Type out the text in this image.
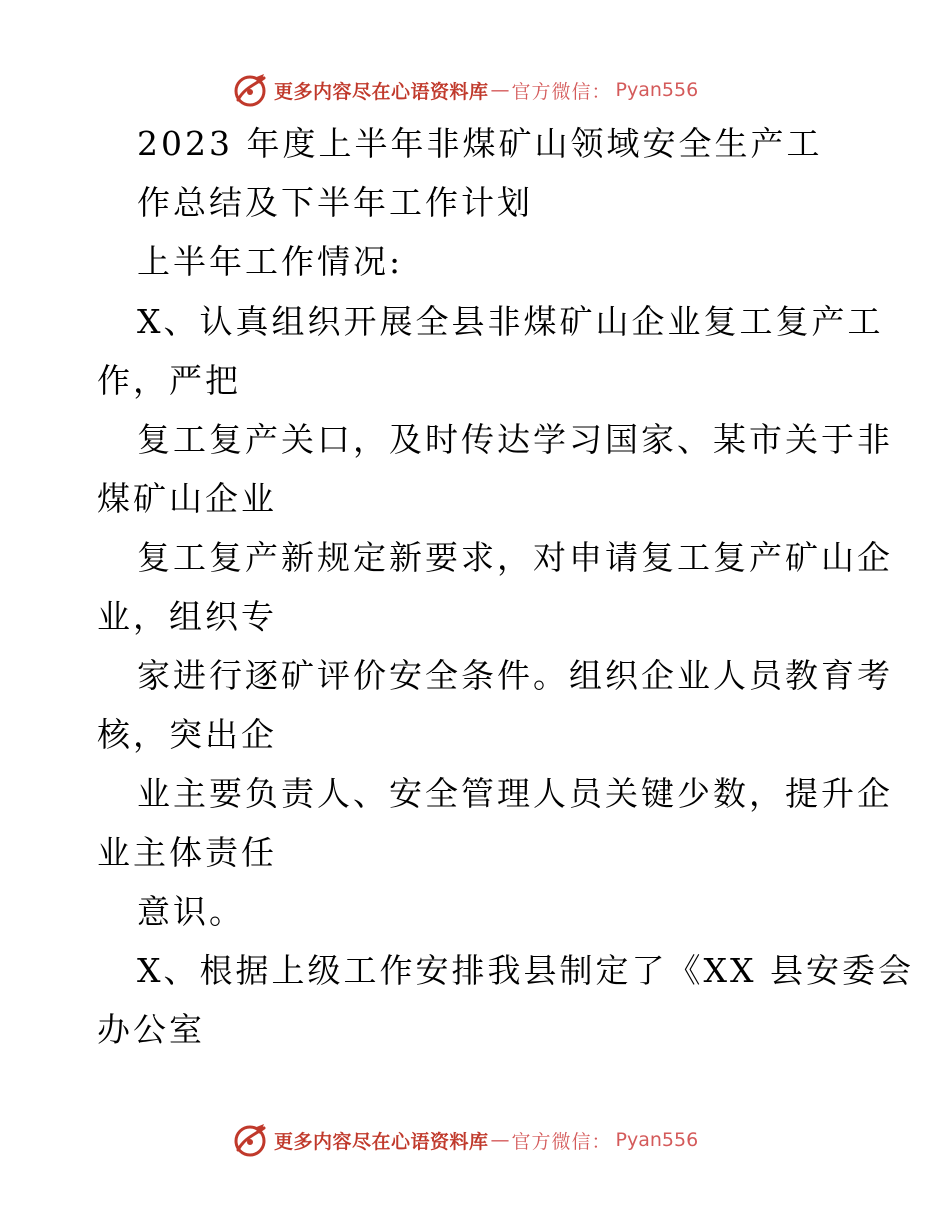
更多内容尽在心语资料库 — 官方微信： Pyan556
2023 年度上半年非煤矿山领域安全生产工
作总结及下半年工作计划
上半年工作情况:
X、认真组织开展全县非煤矿山企业复工复产工
作，严把
复工复产关口，及时传达学习国家、某市关于非
煤矿山企业
复工复产新规定新要求，对申请复工复产矿山企
业，组织专
家进行逐矿评价安全条件。组织企业人员教育考
核，突出企
业主要负责人、安全管理人员关键少数，提升企
业主体责任
意识。
X、根据上级工作安排我县制定了《XX 县安委会
办公室
更多内容尽在心语资料库 — 官方微信： Pyan556
